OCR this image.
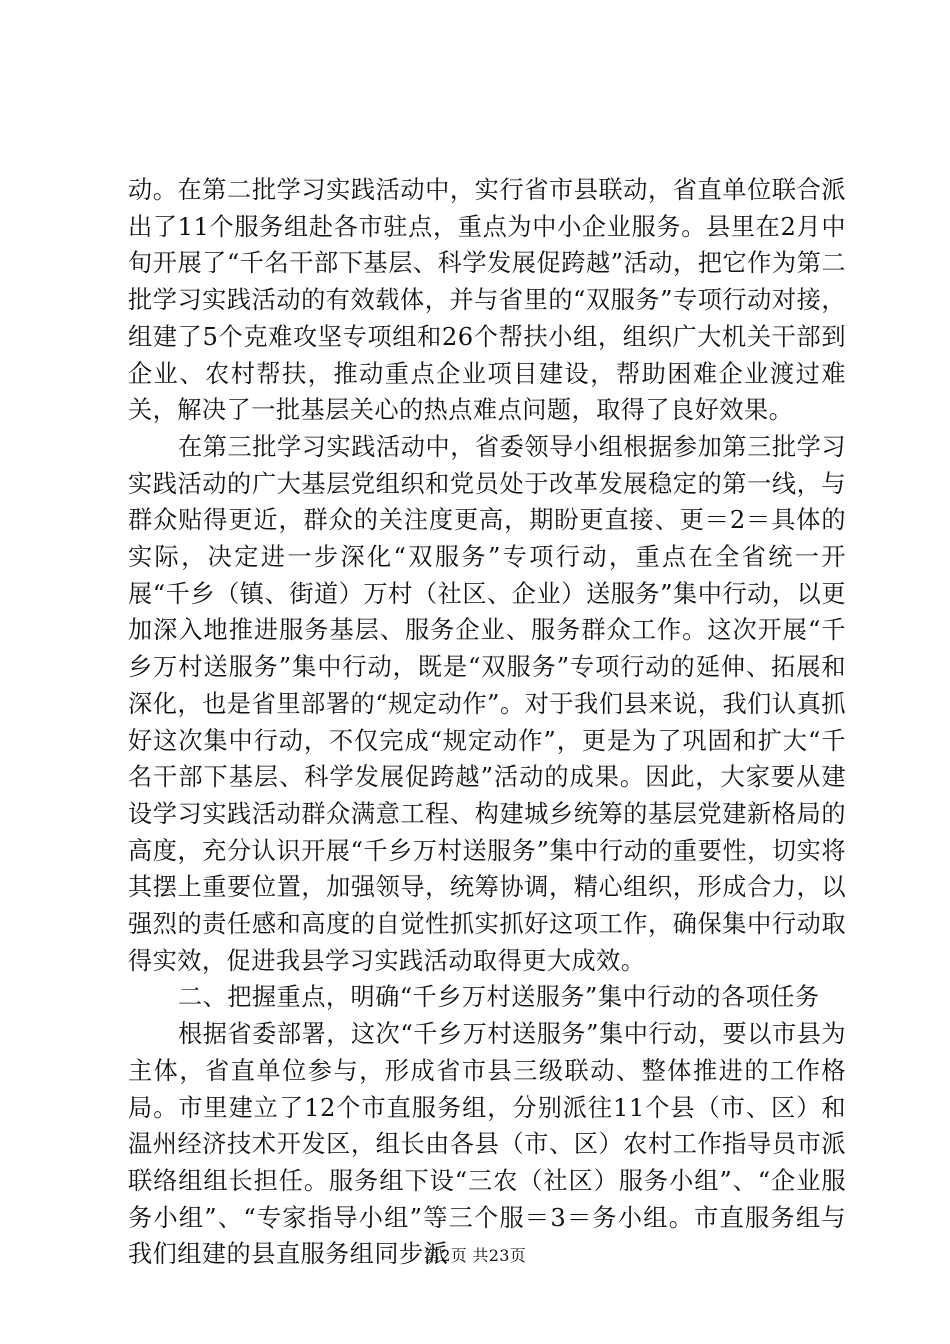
动。在第二批学习实践活动中，实行省市县联动，省直单位联合派出了11个服务组赴各市驻点，重点为中小企业服务。县里在2月中旬开展了“千名干部下基层、科学发展促跨越”活动，把它作为第二批学习实践活动的有效载体，并与省里的“双服务”专项行动对接，组建了5个克难攻坚专项组和26个帮扶小组，组织广大机关干部到企业、农村帮扶，推动重点企业项目建设，帮助困难企业渡过难关，解决了一批基层关心的热点难点问题，取得了良好效果。

在第三批学习实践活动中，省委领导小组根据参加第三批学习实践活动的广大基层党组织和党员处于改革发展稳定的第一线，与群众贴得更近，群众的关注度更高，期盼更直接、更＝2＝具体的实际，决定进一步深化“双服务”专项行动，重点在全省统一开展“千乡（镇、街道）万村（社区、企业）送服务”集中行动，以更加深入地推进服务基层、服务企业、服务群众工作。这次开展“千乡万村送服务”集中行动，既是“双服务”专项行动的延伸、拓展和深化，也是省里部署的“规定动作”。对于我们县来说，我们认真抓好这次集中行动，不仅完成“规定动作”，更是为了巩固和扩大“千名干部下基层、科学发展促跨越”活动的成果。因此，大家要从建设学习实践活动群众满意工程、构建城乡统筹的基层党建新格局的高度，充分认识开展“千乡万村送服务”集中行动的重要性，切实将其摆上重要位置，加强领导，统筹协调，精心组织，形成合力，以强烈的责任感和高度的自觉性抓实抓好这项工作，确保集中行动取得实效，促进我县学习实践活动取得更大成效。

二、把握重点，明确“千乡万村送服务”集中行动的各项任务

根据省委部署，这次“千乡万村送服务”集中行动，要以市县为主体，省直单位参与，形成省市县三级联动、整体推进的工作格局。市里建立了12个市直服务组，分别派往11个县（市、区）和温州经济技术开发区，组长由各县（市、区）农村工作指导员市派联络组组长担任。服务组下设“三农（社区）服务小组”、“企业服务小组”、“专家指导小组”等三个服＝3＝务小组。市直服务组与我们组建的县直服务组同步派

第2页 共23页
